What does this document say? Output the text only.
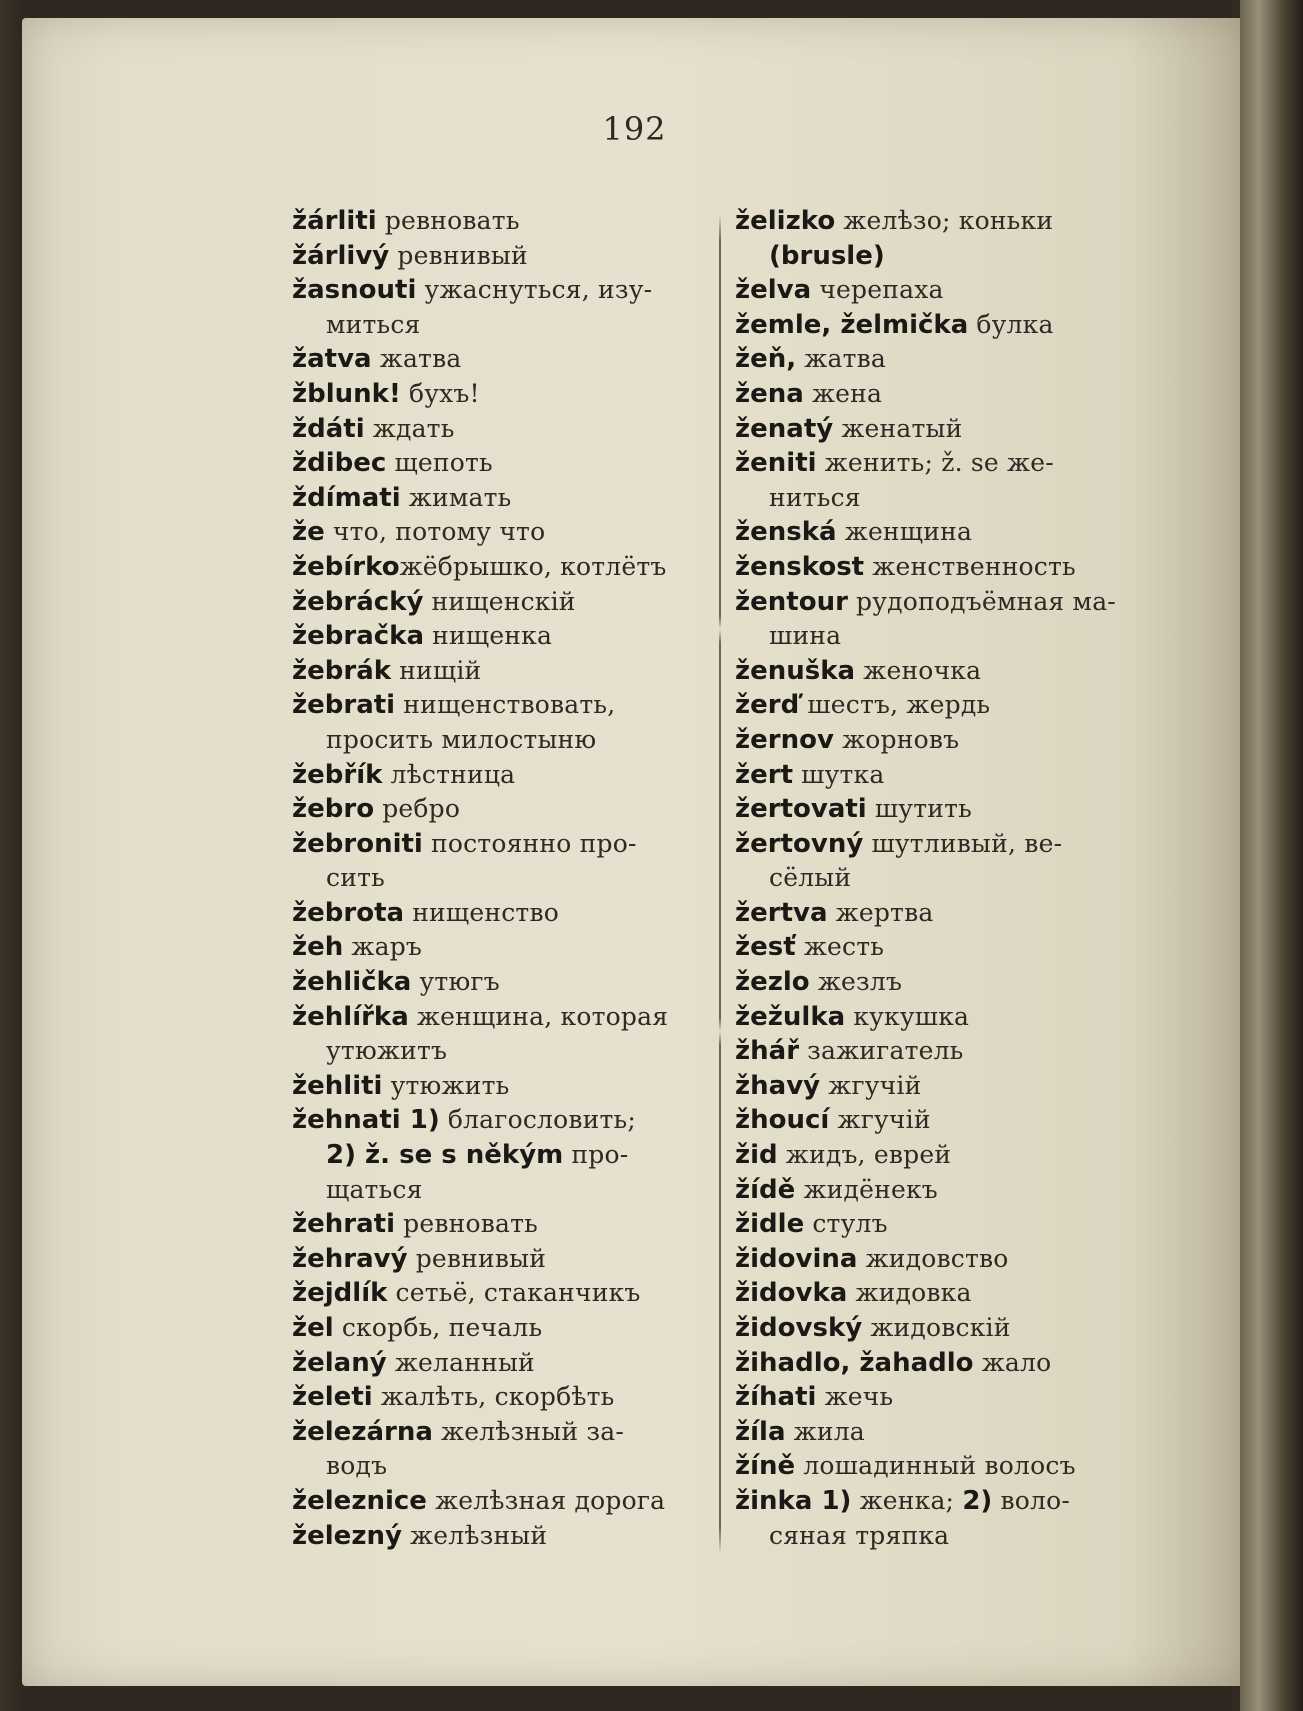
192
žárliti ревновать
žárlivý ревнивый
žasnouti ужаснуться, изу-
миться
žatva жатва
žblunk! бухъ!
ždáti ждать
ždibec щепоть
ždímati жимать
že что, потому что
žebírkoжёбрышко, котлётъ
žebrácký нищенскій
žebračka нищенка
žebrák нищій
žebrati нищенствовать,
просить милостыню
žebřík лѣстница
žebro ребро
žebroniti постоянно про-
сить
žebrota нищенство
žeh жаръ
žehlička утюгъ
žehlířka женщина, которая
утюжитъ
žehliti утюжить
žehnati 1) благословить;
2) ž. se s někým про-
щаться
žehrati ревновать
žehravý ревнивый
žejdlík сетьё, стаканчикъ
žel скорбь, печаль
želaný желанный
želeti жалѣть, скорбѣть
železárna желѣзный за-
водъ
železnice желѣзная дорога
železný желѣзный
želizko желѣзо; коньки
(brusle)
želva черепаха
žemle, želmička булка
žeň, жатва
žena жена
ženatý женатый
ženiti женить; ž. se же-
ниться
ženská женщина
ženskost женственность
žentour рудоподъёмная ма-
шина
ženuška женочка
žerď шестъ, жердь
žernov жорновъ
žert шутка
žertovati шутить
žertovný шутливый, ве-
сёлый
žertva жертва
žesť жесть
žezlo жезлъ
žežulka кукушка
žhář зажигатель
žhavý жгучій
žhoucí жгучій
žid жидъ, еврей
žídě жидёнекъ
židle стулъ
židovina жидовство
židovka жидовка
židovský жидовскій
žihadlo, žahadlo жало
žíhati жечь
žíla жила
žíně лошадинный волосъ
žinka 1) женка; 2) воло-
сяная тряпка
